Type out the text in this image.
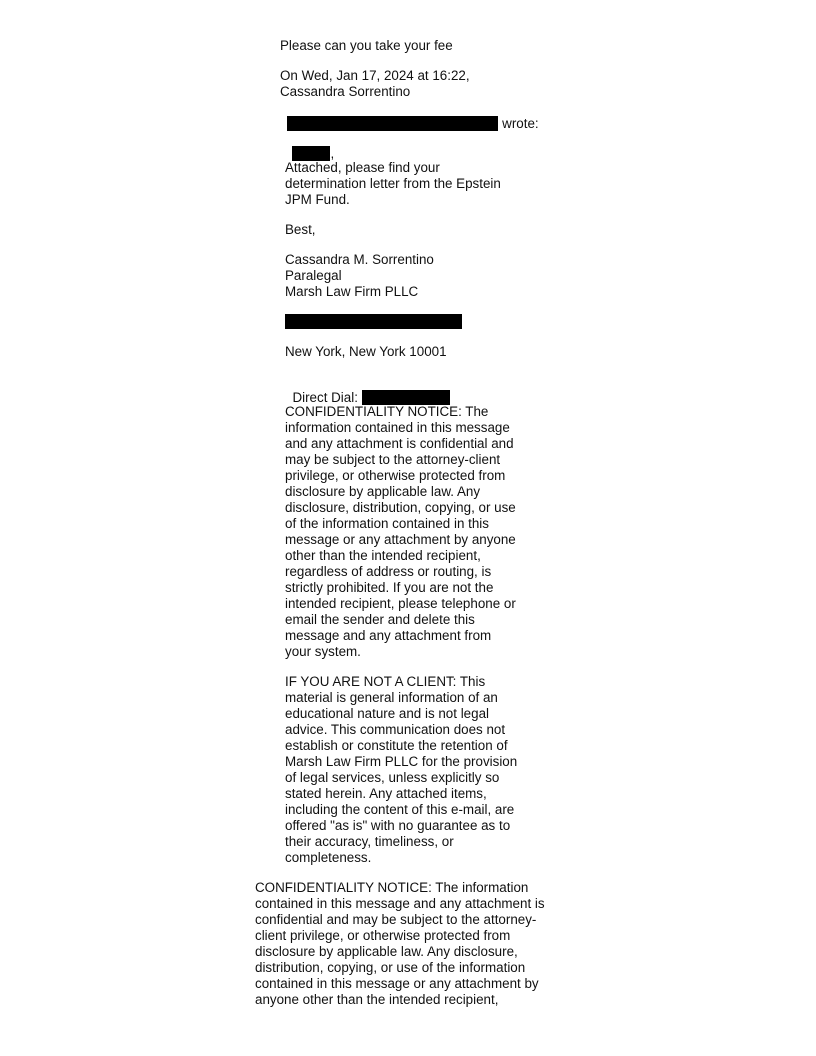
Please can you take your fee
On Wed, Jan 17, 2024 at 16:22,
Cassandra Sorrentino

wrote:

,

Attached, please find your
determination letter from the Epstein
JPM Fund.
Best,
Cassandra M. Sorrentino
Paralegal
Marsh Law Firm PLLC
New York, New York 10001

Direct Dial:

CONFIDENTIALITY NOTICE: The
information contained in this message
and any attachment is confidential and
may be subject to the attorney-client
privilege, or otherwise protected from
disclosure by applicable law. Any
disclosure, distribution, copying, or use
of the information contained in this
message or any attachment by anyone
other than the intended recipient,
regardless of address or routing, is
strictly prohibited. If you are not the
intended recipient, please telephone or
email the sender and delete this
message and any attachment from
your system.
IF YOU ARE NOT A CLIENT: This
material is general information of an
educational nature and is not legal
advice. This communication does not
establish or constitute the retention of
Marsh Law Firm PLLC for the provision
of legal services, unless explicitly so
stated herein. Any attached items,
including the content of this e-mail, are
offered "as is" with no guarantee as to
their accuracy, timeliness, or
completeness.
CONFIDENTIALITY NOTICE: The information
contained in this message and any attachment is
confidential and may be subject to the attorney-
client privilege, or otherwise protected from
disclosure by applicable law. Any disclosure,
distribution, copying, or use of the information
contained in this message or any attachment by
anyone other than the intended recipient,
